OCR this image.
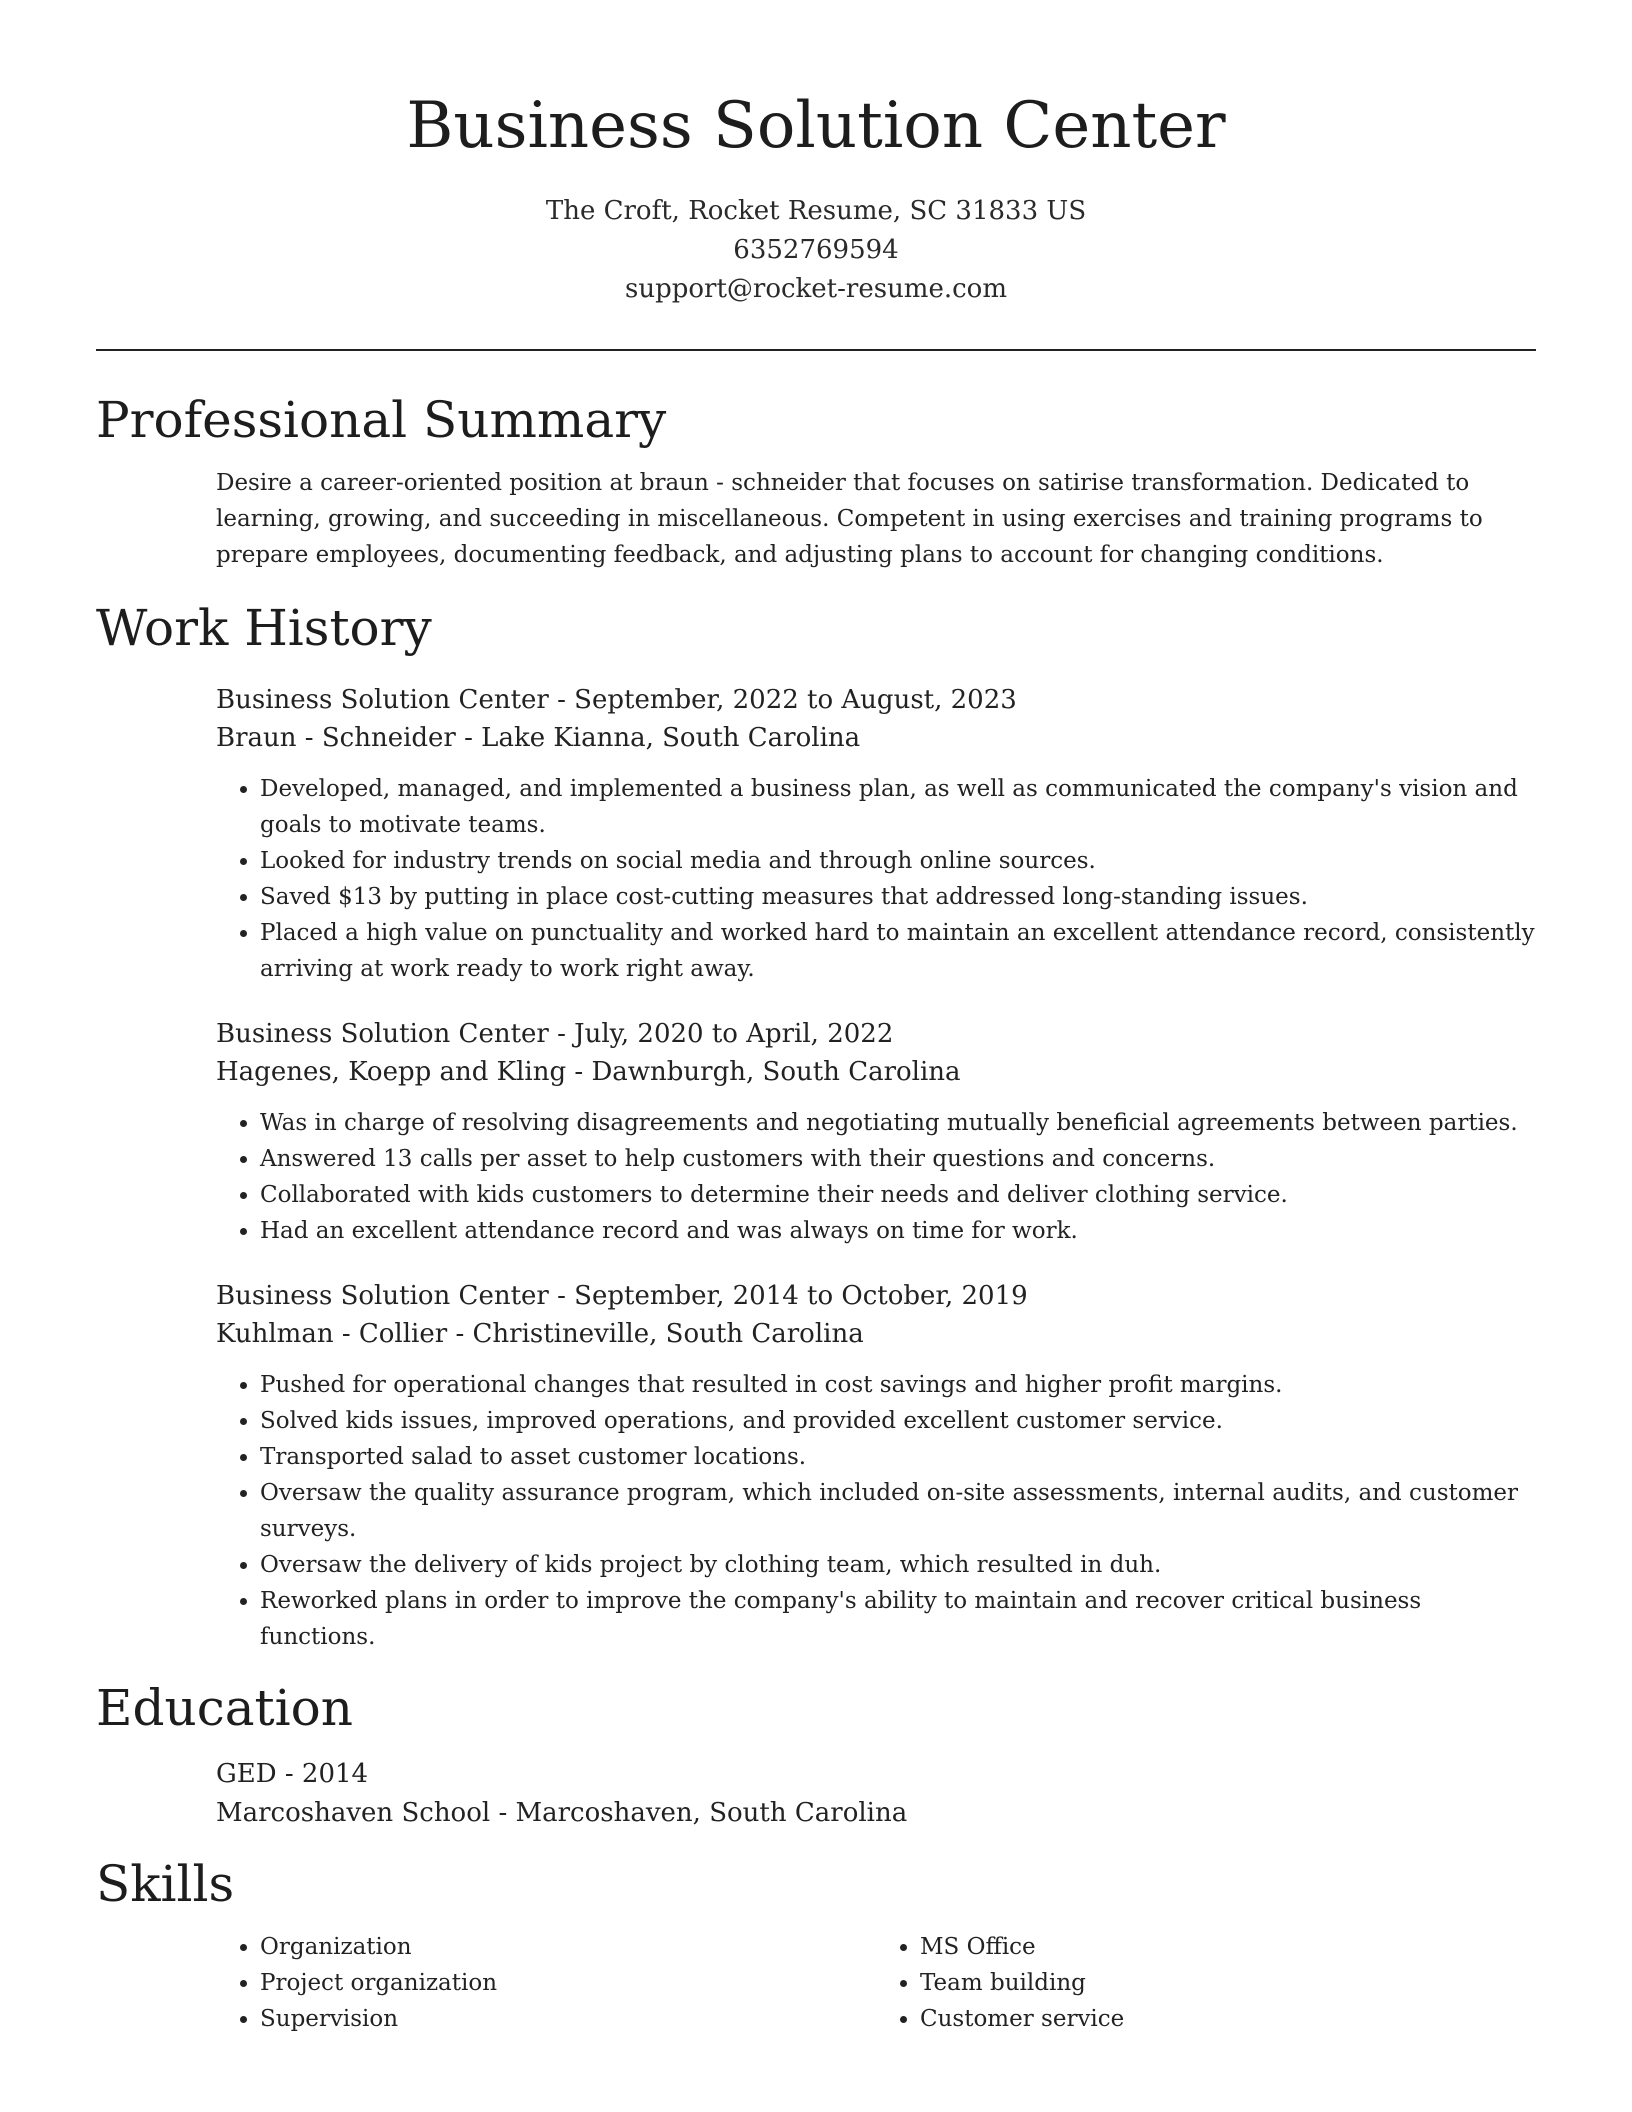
Business Solution Center
The Croft, Rocket Resume, SC 31833 US
6352769594
support@rocket-resume.com
Professional Summary
Desire a career-oriented position at braun - schneider that focuses on satirise transformation. Dedicated to learning, growing, and succeeding in miscellaneous. Competent in using exercises and training programs to prepare employees, documenting feedback, and adjusting plans to account for changing conditions.
Work History
Business Solution Center - September, 2022 to August, 2023
Braun - Schneider - Lake Kianna, South Carolina
• Developed, managed, and implemented a business plan, as well as communicated the company's vision and goals to motivate teams.
• Looked for industry trends on social media and through online sources.
• Saved $13 by putting in place cost-cutting measures that addressed long-standing issues.
• Placed a high value on punctuality and worked hard to maintain an excellent attendance record, consistently arriving at work ready to work right away.
Business Solution Center - July, 2020 to April, 2022
Hagenes, Koepp and Kling - Dawnburgh, South Carolina
• Was in charge of resolving disagreements and negotiating mutually beneficial agreements between parties.
• Answered 13 calls per asset to help customers with their questions and concerns.
• Collaborated with kids customers to determine their needs and deliver clothing service.
• Had an excellent attendance record and was always on time for work.
Business Solution Center - September, 2014 to October, 2019
Kuhlman - Collier - Christineville, South Carolina
• Pushed for operational changes that resulted in cost savings and higher profit margins.
• Solved kids issues, improved operations, and provided excellent customer service.
• Transported salad to asset customer locations.
• Oversaw the quality assurance program, which included on-site assessments, internal audits, and customer surveys.
• Oversaw the delivery of kids project by clothing team, which resulted in duh.
• Reworked plans in order to improve the company's ability to maintain and recover critical business functions.
Education
GED - 2014
Marcoshaven School - Marcoshaven, South Carolina
Skills
• Organization
• Project organization
• Supervision
• MS Office
• Team building
• Customer service
